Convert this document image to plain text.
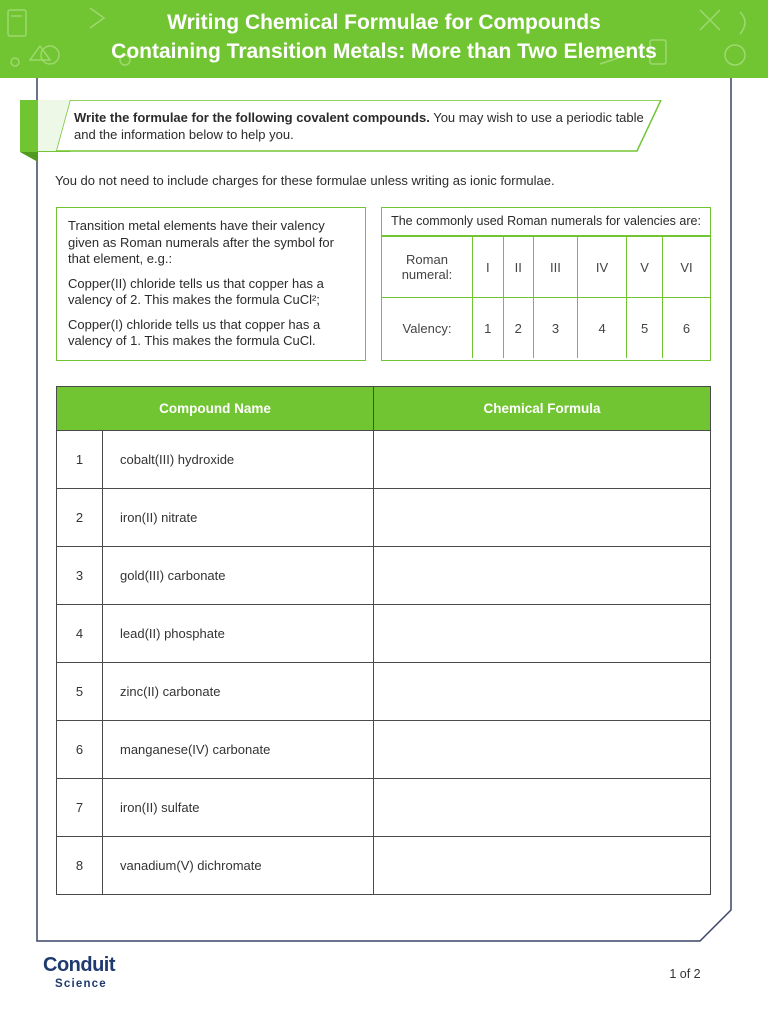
Writing Chemical Formulae for Compounds
Containing Transition Metals: More than Two Elements
Write the formulae for the following covalent compounds. You may wish to use a periodic table and the information below to help you.
You do not need to include charges for these formulae unless writing as ionic formulae.

Transition metal elements have their valency given as Roman numerals after the symbol for that element, e.g.:

Copper(II) chloride tells us that copper has a valency of 2. This makes the formula CuCl²;

Copper(I) chloride tells us that copper has a valency of 1. This makes the formula CuCl.

The commonly used Roman numerals for valencies are:
Roman numeral:	I	II	III	IV	V	VI
Valency:	1	2	3	4	5	6
Compound Name		Chemical Formula
1	cobalt(III) hydroxide	
2	iron(II) nitrate	
3	gold(III) carbonate	
4	lead(II) phosphate	
5	zinc(II) carbonate	
6	manganese(IV) carbonate	
7	iron(II) sulfate	
8	vanadium(V) dichromate	
Conduit
Science
1 of 2
